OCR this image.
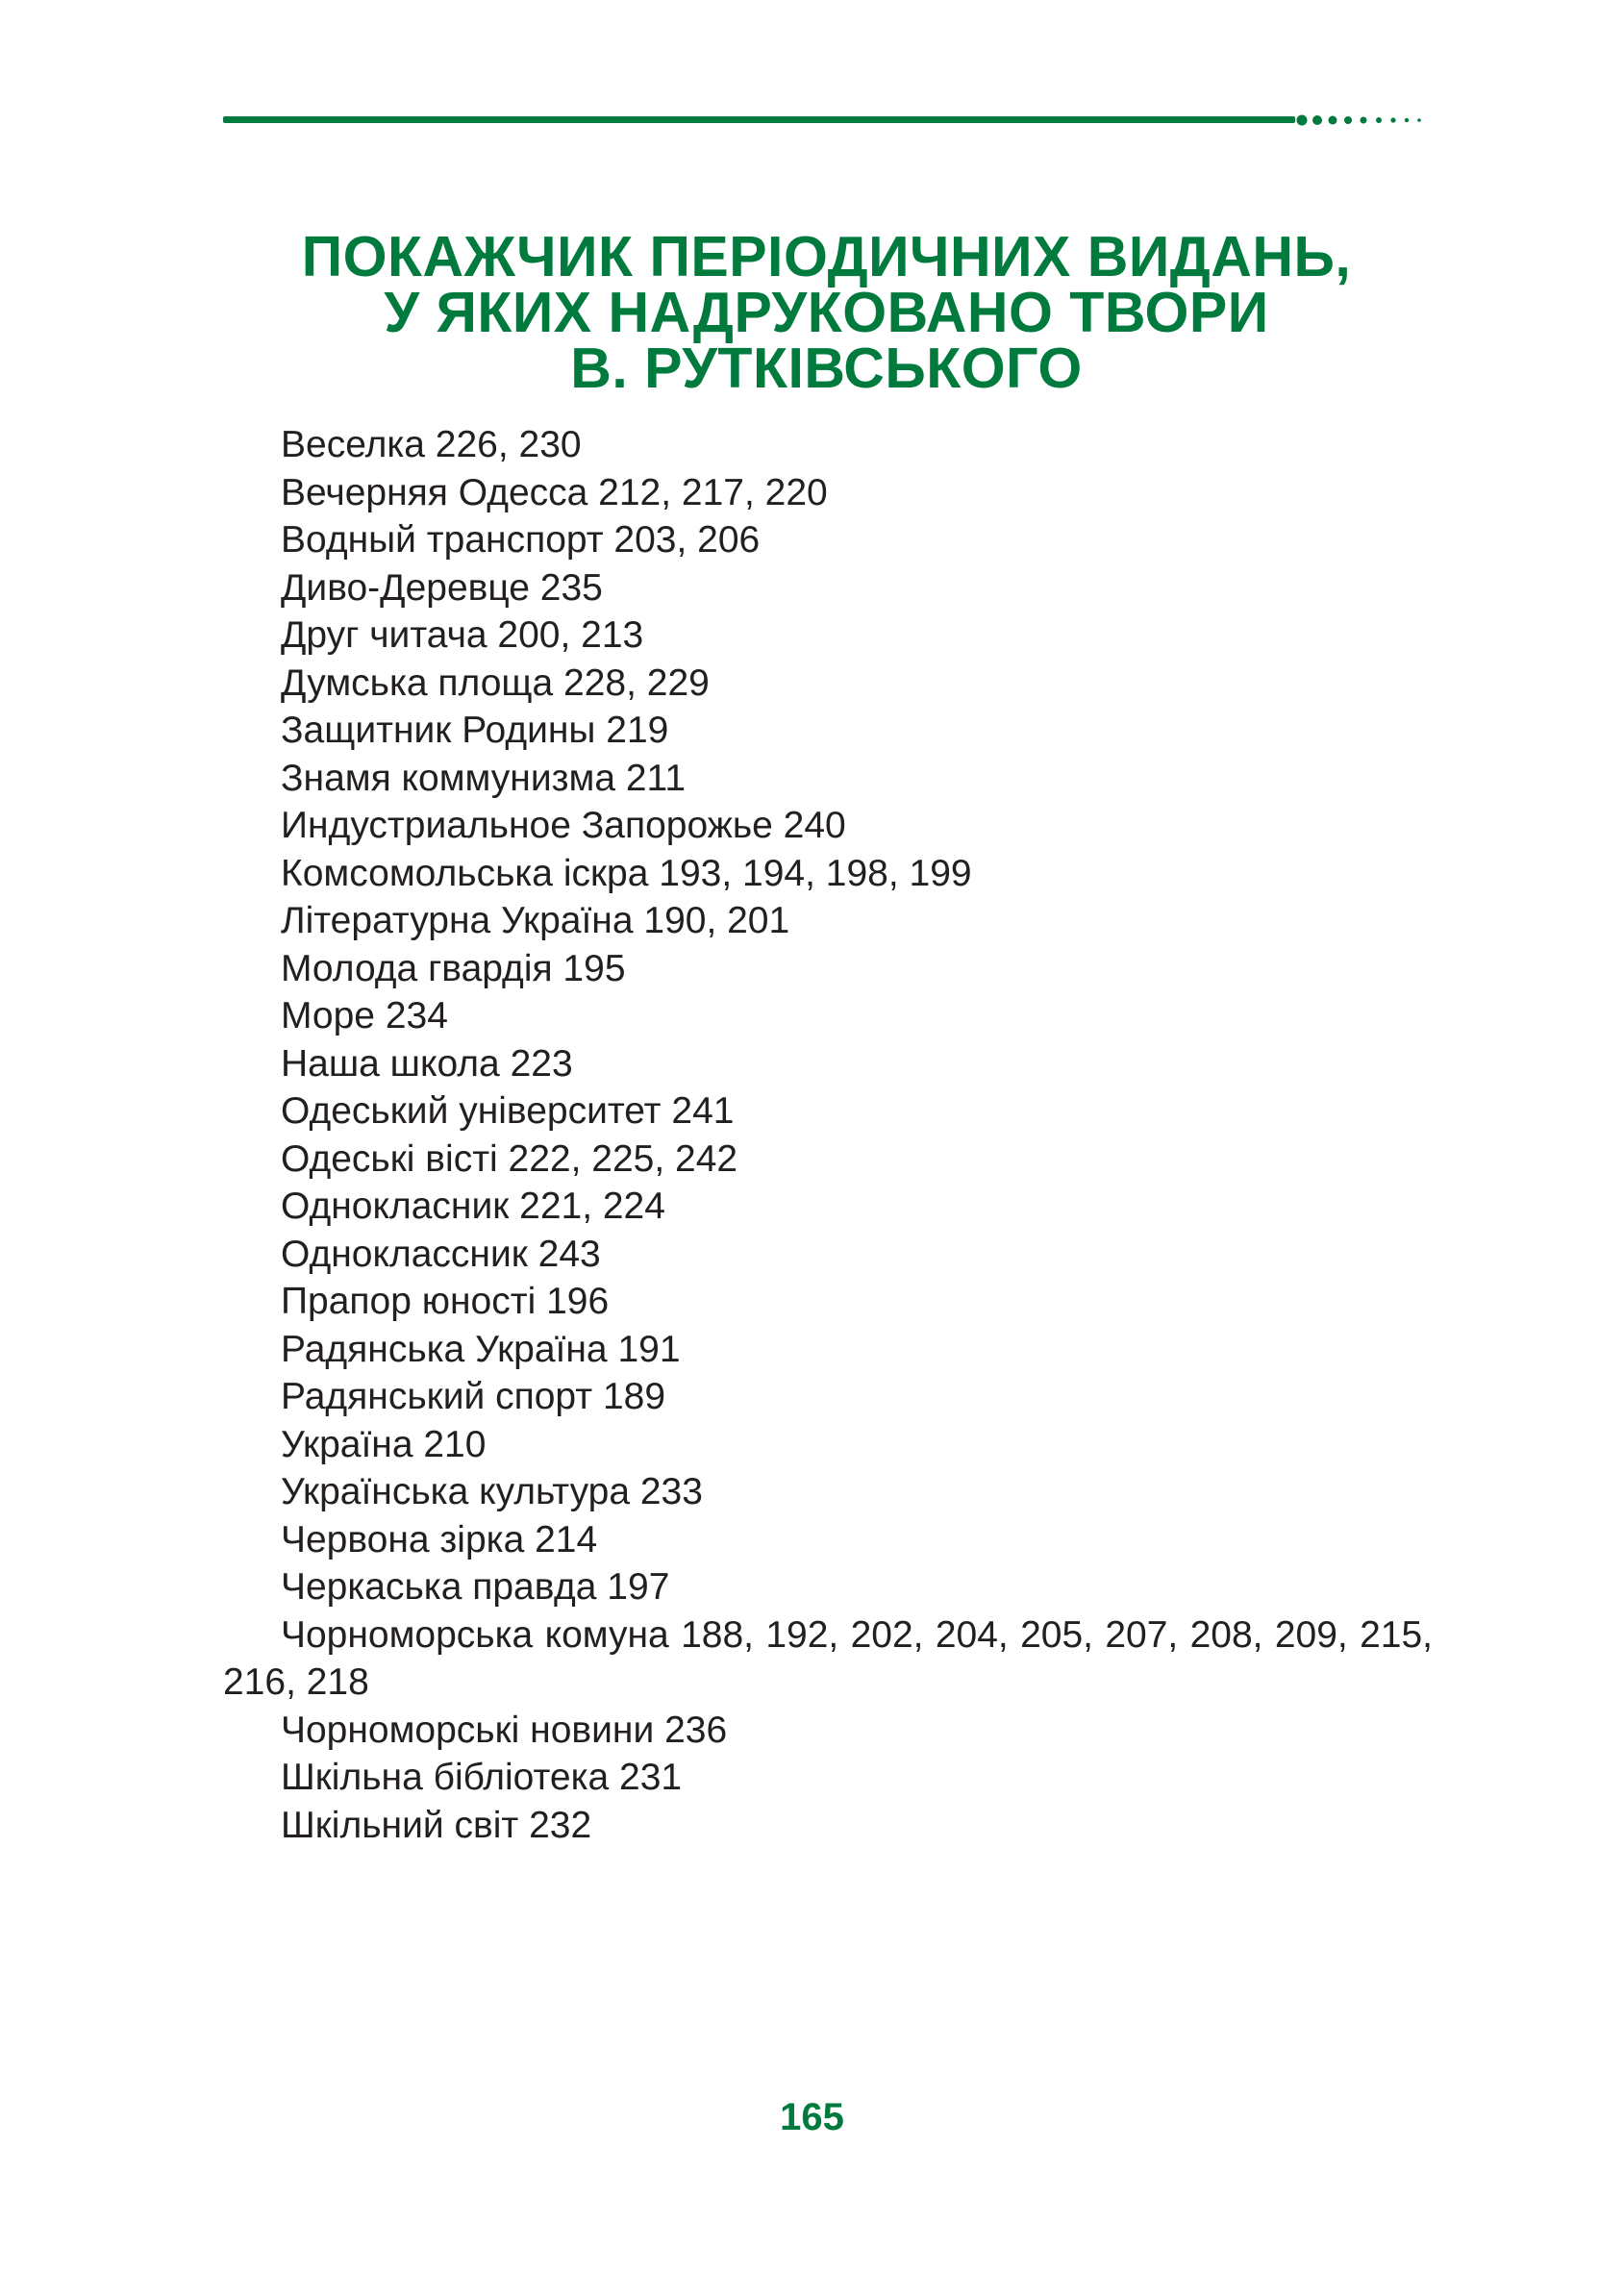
ПОКАЖЧИК ПЕРІОДИЧНИХ ВИДАНЬ,
У ЯКИХ НАДРУКОВАНО ТВОРИ
В. РУТКІВСЬКОГО
Веселка 226, 230
Вечерняя Одесса 212, 217, 220
Водный транспорт 203, 206
Диво-Деревце 235
Друг читача 200, 213
Думська площа 228, 229
Защитник Родины 219
Знамя коммунизма 211
Индустриальное Запорожье 240
Комсомольська іскра 193, 194, 198, 199
Літературна Україна 190, 201
Молода гвардія 195
Море 234
Наша школа 223
Одеський університет 241
Одеські вісті 222, 225, 242
Однокласник 221, 224
Одноклассник 243
Прапор юності 196
Радянська Україна 191
Радянський спорт 189
Україна 210
Українська культура 233
Червона зірка 214
Черкаська правда 197
Чорноморська комуна 188, 192, 202, 204, 205, 207, 208, 209, 215, 216, 218
Чорноморські новини 236
Шкільна бібліотека 231
Шкільний світ 232
165
